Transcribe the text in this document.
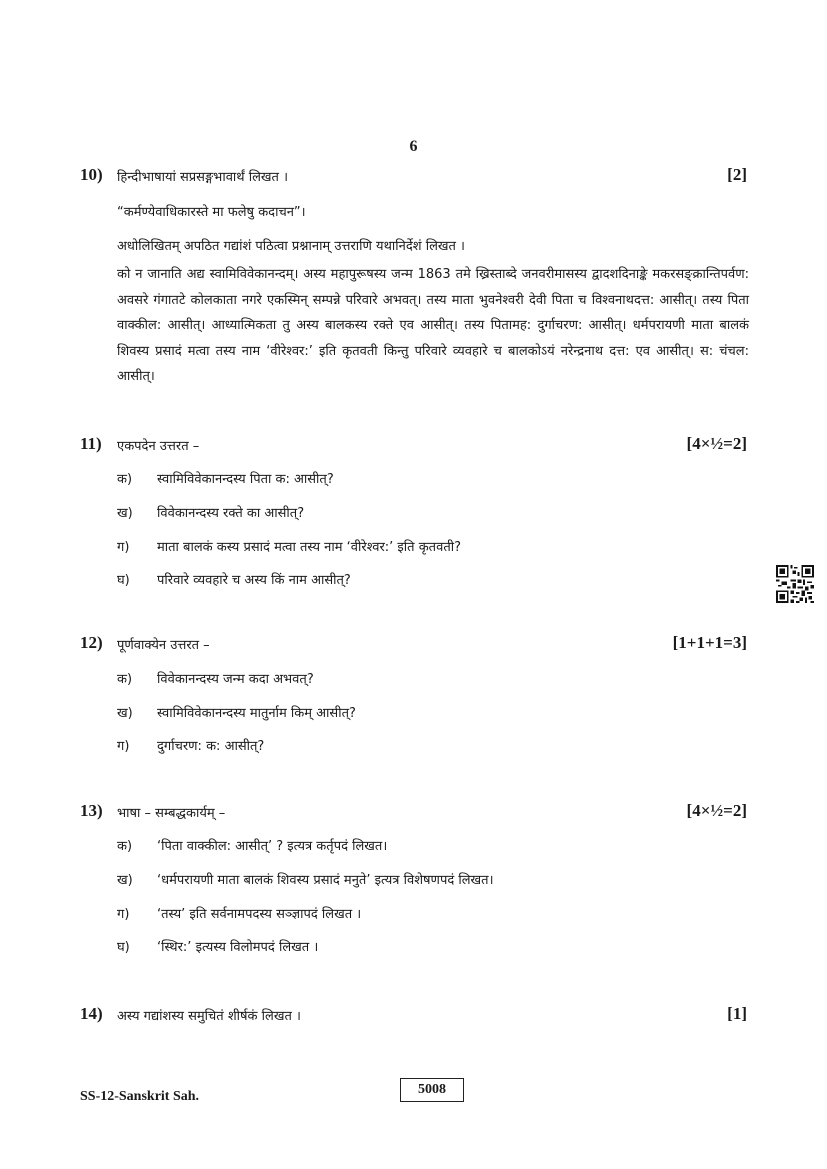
6
10) हिन्दीभाषायां सप्रसङ्गभावार्थं लिखत ।	[2]
“कर्मण्येवाधिकारस्ते मा फलेषु कदाचन”।
अधोलिखितम् अपठित गद्यांशं पठित्वा प्रश्नानाम् उत्तराणि यथानिर्देशं लिखत ।
को न जानाति अद्य स्वामिविवेकानन्दम्। अस्य महापुरूषस्य जन्म 1863 तमे ख्रिस्ताब्दे जनवरीमासस्य द्वादशदिनाङ्के मकरसङ्क्रान्तिपर्वण: अवसरे गंगातटे कोलकाता नगरे एकस्मिन् सम्पन्ने परिवारे अभवत्। तस्य माता भुवनेश्वरी देवी पिता च विश्वनाथदत्त: आसीत्। तस्य पिता वाक्कील: आसीत्। आध्यात्मिकता तु अस्य बालकस्य रक्ते एव आसीत्। तस्य पितामह: दुर्गाचरण: आसीत्। धर्मपरायणी माता बालकं शिवस्य प्रसादं मत्वा तस्य नाम ‘वीरेश्वर:’ इति कृतवती किन्तु परिवारे व्यवहारे च बालकोऽयं नरेन्द्रनाथ दत्त: एव आसीत्। स: चंचल: आसीत्।
11) एकपदेन उत्तरत –	[4×½=2]
क) स्वामिविवेकानन्दस्य पिता क: आसीत्?
ख) विवेकानन्दस्य रक्ते का आसीत्?
ग) माता बालकं कस्य प्रसादं मत्वा तस्य नाम ‘वीरेश्वर:’ इति कृतवती?
घ) परिवारे व्यवहारे च अस्य किं नाम आसीत्?
12) पूर्णवाक्येन उत्तरत –	[1+1+1=3]
क) विवेकानन्दस्य जन्म कदा अभवत्?
ख) स्वामिविवेकानन्दस्य मातुर्नाम किम् आसीत्?
ग) दुर्गाचरण: क: आसीत्?
13) भाषा – सम्बद्धकार्यम् –	[4×½=2]
क) ‘पिता वाक्कील: आसीत्’ ? इत्यत्र कर्तृपदं लिखत।
ख) ‘धर्मपरायणी माता बालकं शिवस्य प्रसादं मनुते’ इत्यत्र विशेषणपदं लिखत।
ग) ‘तस्य’ इति सर्वनामपदस्य सञ्ज्ञापदं लिखत ।
घ) ‘स्थिर:’ इत्यस्य विलोमपदं लिखत ।
14) अस्य गद्यांशस्य समुचितं शीर्षकं लिखत ।	[1]
SS-12-Sanskrit Sah.	5008
